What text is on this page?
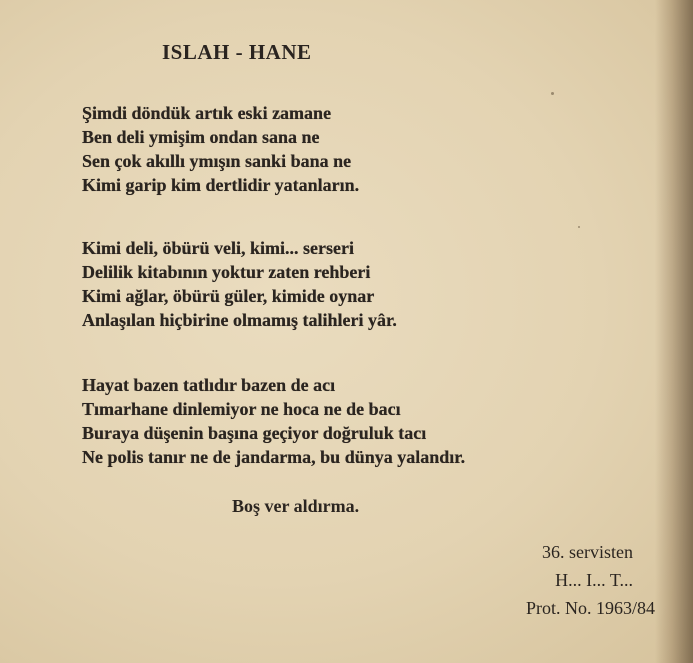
ISLAH - HANE
Şimdi döndük artık eski zamane
Ben deli ymişim ondan sana ne
Sen çok akıllı ymışın sanki bana ne
Kimi garip kim dertlidir yatanların.
Kimi deli, öbürü veli, kimi... serseri
Delilik kitabının yoktur zaten rehberi
Kimi ağlar, öbürü güler, kimide oynar
Anlaşılan hiçbirine olmamış talihleri yâr.
Hayat bazen tatlıdır bazen de acı
Tımarhane dinlemiyor ne hoca ne de bacı
Buraya düşenin başına geçiyor doğruluk tacı
Ne polis tanır ne de jandarma, bu dünya yalandır.

Boş ver aldırma.

36. servisten
H... I... T...
Prot. No. 1963/84
